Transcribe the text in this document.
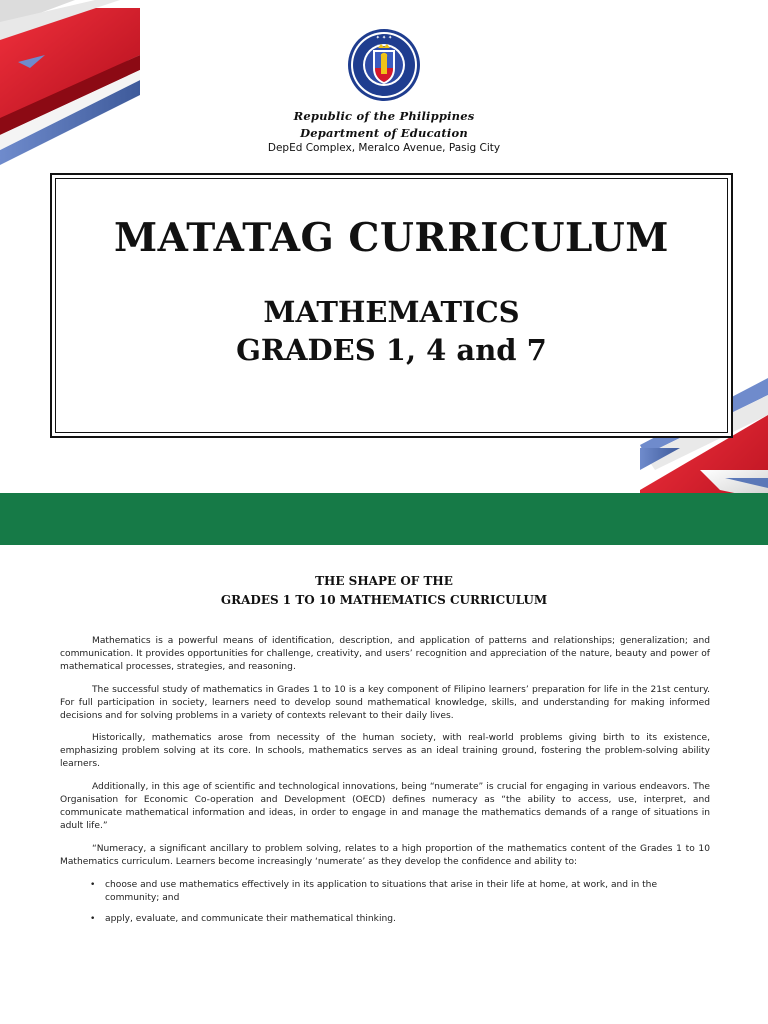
✦ ✦ ✦
Republic of the Philippines
Department of Education
DepEd Complex, Meralco Avenue, Pasig City
MATATAG CURRICULUM
MATHEMATICS
GRADES 1, 4 and 7
THE SHAPE OF THE
GRADES 1 TO 10 MATHEMATICS CURRICULUM

Mathematics is a powerful means of identification, description, and application of patterns and relationships; generalization; and communication. It provides opportunities for challenge, creativity, and users’ recognition and appreciation of the nature, beauty and power of mathematical processes, strategies, and reasoning.

The successful study of mathematics in Grades 1 to 10 is a key component of Filipino learners’ preparation for life in the 21st century. For full participation in society, learners need to develop sound mathematical knowledge, skills, and understanding for making informed decisions and for solving problems in a variety of contexts relevant to their daily lives.

Historically, mathematics arose from necessity of the human society, with real-world problems giving birth to its existence, emphasizing problem solving at its core. In schools, mathematics serves as an ideal training ground, fostering the problem-solving ability learners.

Additionally, in this age of scientific and technological innovations, being “numerate” is crucial for engaging in various endeavors. The Organisation for Economic Co-operation and Development (OECD) defines numeracy as “the ability to access, use, interpret, and communicate mathematical information and ideas, in order to engage in and manage the mathematics demands of a range of situations in adult life.”

“Numeracy, a significant ancillary to problem solving, relates to a high proportion of the mathematics content of the Grades 1 to 10 Mathematics curriculum. Learners become increasingly ‘numerate’ as they develop the confidence and ability to:

• choose and use mathematics effectively in its application to situations that arise in their life at home, at work, and in the community; and
• apply, evaluate, and communicate their mathematical thinking.
